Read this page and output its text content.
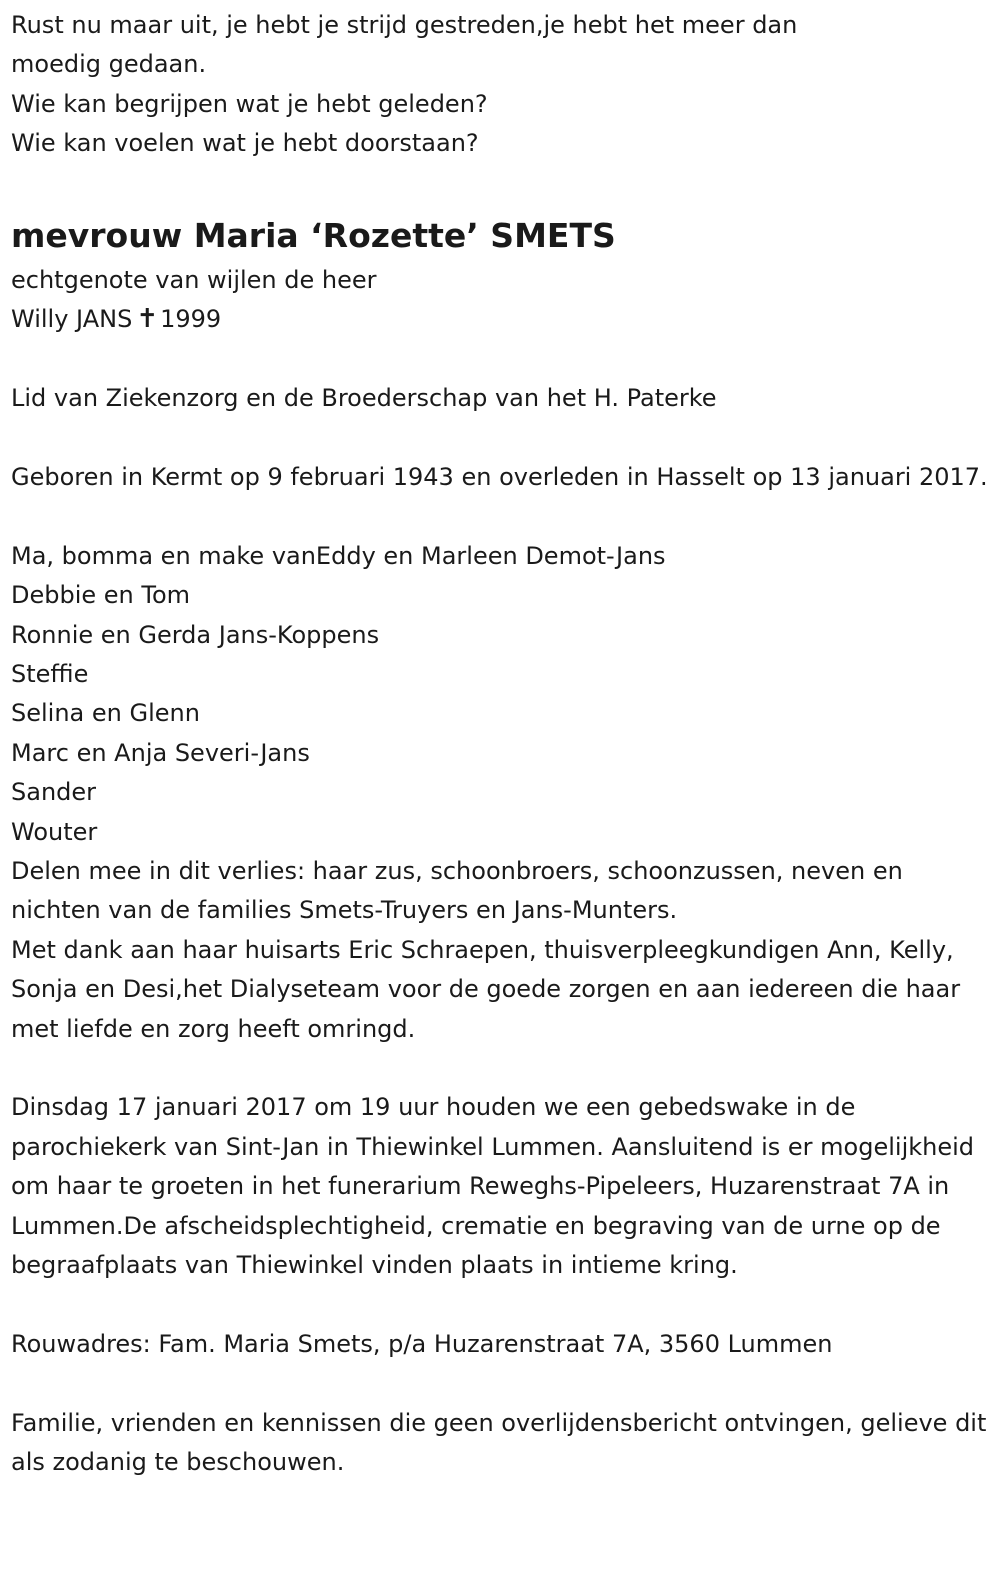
Rust nu maar uit, je hebt je strijd gestreden,je hebt het meer dan

moedig gedaan.

Wie kan begrijpen wat je hebt geleden?

Wie kan voelen wat je hebt doorstaan?

mevrouw Maria ‘Rozette’ SMETS

echtgenote van wijlen de heer

Willy JANS ✝1999

Lid van Ziekenzorg en de Broederschap van het H. Paterke

Geboren in Kermt op 9 februari 1943 en overleden in Hasselt op 13 januari 2017.

Ma, bomma en make vanEddy en Marleen Demot-Jans

Debbie en Tom

Ronnie en Gerda Jans-Koppens

Steffie

Selina en Glenn

Marc en Anja Severi-Jans

Sander

Wouter

Delen mee in dit verlies: haar zus, schoonbroers, schoonzussen, neven en nichten van de families Smets-Truyers en Jans-Munters.

Met dank aan haar huisarts Eric Schraepen, thuisverpleegkundigen Ann, Kelly, Sonja en Desi,het Dialyseteam voor de goede zorgen en aan iedereen die haar met liefde en zorg heeft omringd.

Dinsdag 17 januari 2017 om 19 uur houden we een gebedswake in de parochiekerk van Sint-Jan in Thiewinkel Lummen. Aansluitend is er mogelijkheid om haar te groeten in het funerarium Reweghs-Pipeleers, Huzarenstraat 7A in Lummen.De afscheidsplechtigheid, crematie en begraving van de urne op de begraafplaats van Thiewinkel vinden plaats in intieme kring.

Rouwadres: Fam. Maria Smets, p/a Huzarenstraat 7A, 3560 Lummen

Familie, vrienden en kennissen die geen overlijdensbericht ontvingen, gelieve dit als zodanig te beschouwen.
